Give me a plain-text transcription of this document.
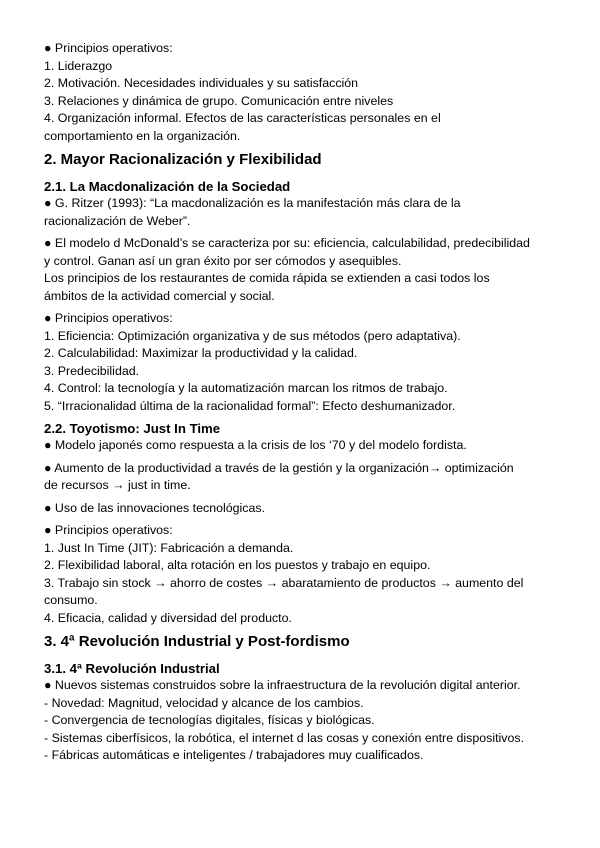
● Principios operativos:
1. Liderazgo
2. Motivación. Necesidades individuales y su satisfacción
3. Relaciones y dinámica de grupo. Comunicación entre niveles
4. Organización informal. Efectos de las características personales en el
comportamiento en la organización.
2. Mayor Racionalización y Flexibilidad
2.1. La Macdonalización de la Sociedad
● G. Ritzer (1993): “La macdonalización es la manifestación más clara de la
racionalización de Weber”.
● El modelo d McDonald’s se caracteriza por su: eficiencia, calculabilidad, predecibilidad
y control. Ganan así un gran éxito por ser cómodos y asequibles.
Los principios de los restaurantes de comida rápida se extienden a casi todos los
ámbitos de la actividad comercial y social.
● Principios operativos:
1. Eficiencia: Optimización organizativa y de sus métodos (pero adaptativa).
2. Calculabilidad: Maximizar la productividad y la calidad.
3. Predecibilidad.
4. Control: la tecnología y la automatización marcan los ritmos de trabajo.
5. “Irracionalidad última de la racionalidad formal”: Efecto deshumanizador.
2.2. Toyotismo: Just In Time
● Modelo japonés como respuesta a la crisis de los ‘70 y del modelo fordista.
● Aumento de la productividad a través de la gestión y la organización→ optimización
de recursos → just in time.
● Uso de las innovaciones tecnológicas.
● Principios operativos:
1. Just In Time (JIT): Fabricación a demanda.
2. Flexibilidad laboral, alta rotación en los puestos y trabajo en equipo.
3. Trabajo sin stock → ahorro de costes → abaratamiento de productos → aumento del
consumo.
4. Eficacia, calidad y diversidad del producto.
3. 4ª Revolución Industrial y Post-fordismo
3.1. 4ª Revolución Industrial
● Nuevos sistemas construidos sobre la infraestructura de la revolución digital anterior.
- Novedad: Magnitud, velocidad y alcance de los cambios.
- Convergencia de tecnologías digitales, físicas y biológicas.
- Sistemas ciberfísicos, la robótica, el internet d las cosas y conexión entre dispositivos.
- Fábricas automáticas e inteligentes / trabajadores muy cualificados.
